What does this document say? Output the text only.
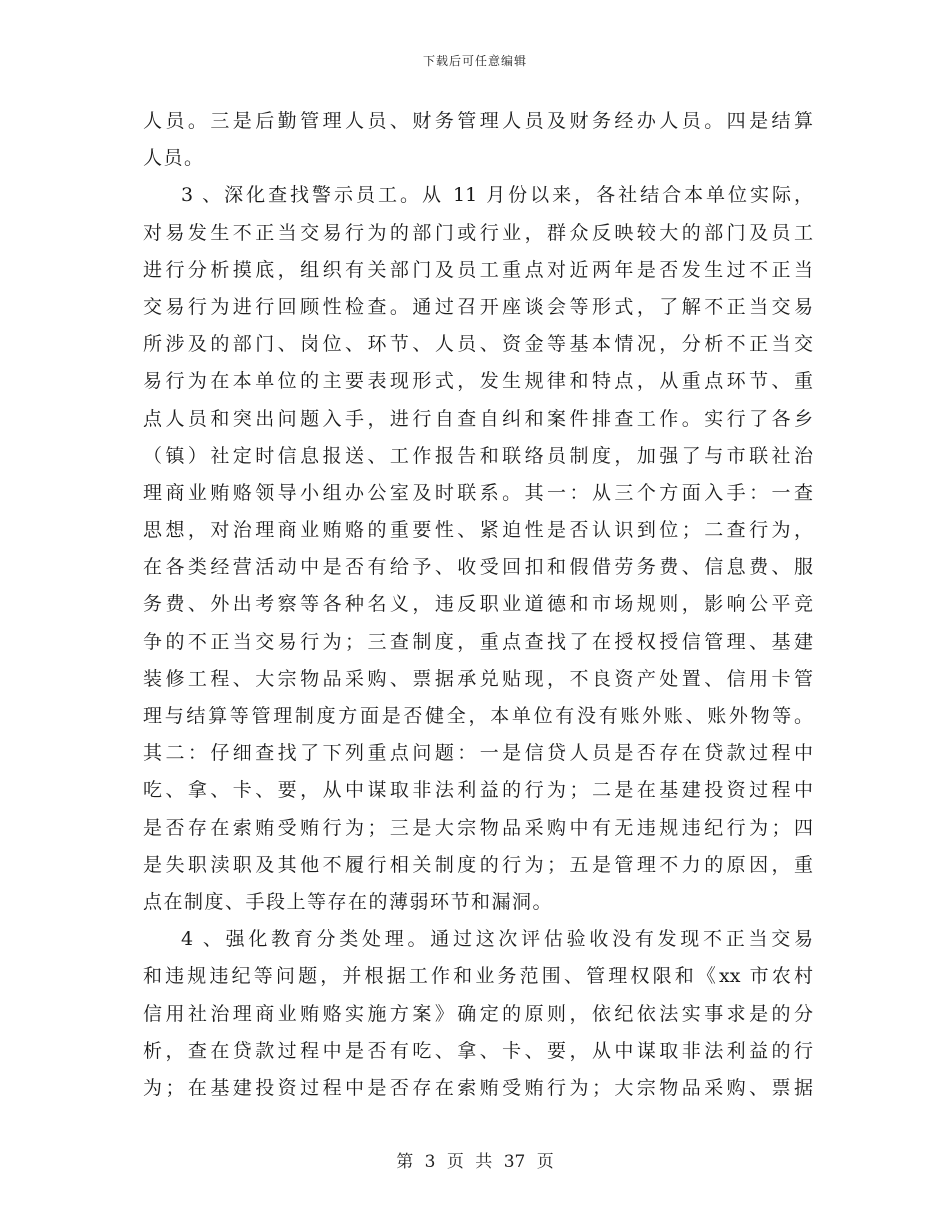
下载后可任意编辑
人员。三是后勤管理人员、财务管理人员及财务经办人员。四是结算
人员。
3 、深化查找警示员工。从 11 月份以来，各社结合本单位实际，
对易发生不正当交易行为的部门或行业，群众反映较大的部门及员工
进行分析摸底，组织有关部门及员工重点对近两年是否发生过不正当
交易行为进行回顾性检查。通过召开座谈会等形式，了解不正当交易
所涉及的部门、岗位、环节、人员、资金等基本情况，分析不正当交
易行为在本单位的主要表现形式，发生规律和特点，从重点环节、重
点人员和突出问题入手，进行自查自纠和案件排查工作。实行了各乡
（镇）社定时信息报送、工作报告和联络员制度，加强了与市联社治
理商业贿赂领导小组办公室及时联系。其一：从三个方面入手：一查
思想，对治理商业贿赂的重要性、紧迫性是否认识到位；二查行为，
在各类经营活动中是否有给予、收受回扣和假借劳务费、信息费、服
务费、外出考察等各种名义，违反职业道德和市场规则，影响公平竞
争的不正当交易行为；三查制度，重点查找了在授权授信管理、基建
装修工程、大宗物品采购、票据承兑贴现，不良资产处置、信用卡管
理与结算等管理制度方面是否健全，本单位有没有账外账、账外物等。
其二：仔细查找了下列重点问题：一是信贷人员是否存在贷款过程中
吃、拿、卡、要，从中谋取非法利益的行为；二是在基建投资过程中
是否存在索贿受贿行为；三是大宗物品采购中有无违规违纪行为；四
是失职渎职及其他不履行相关制度的行为；五是管理不力的原因，重
点在制度、手段上等存在的薄弱环节和漏洞。
4 、强化教育分类处理。通过这次评估验收没有发现不正当交易
和违规违纪等问题，并根据工作和业务范围、管理权限和《xx 市农村
信用社治理商业贿赂实施方案》确定的原则，依纪依法实事求是的分
析，查在贷款过程中是否有吃、拿、卡、要，从中谋取非法利益的行
为；在基建投资过程中是否存在索贿受贿行为；大宗物品采购、票据
第 3 页 共 37 页
